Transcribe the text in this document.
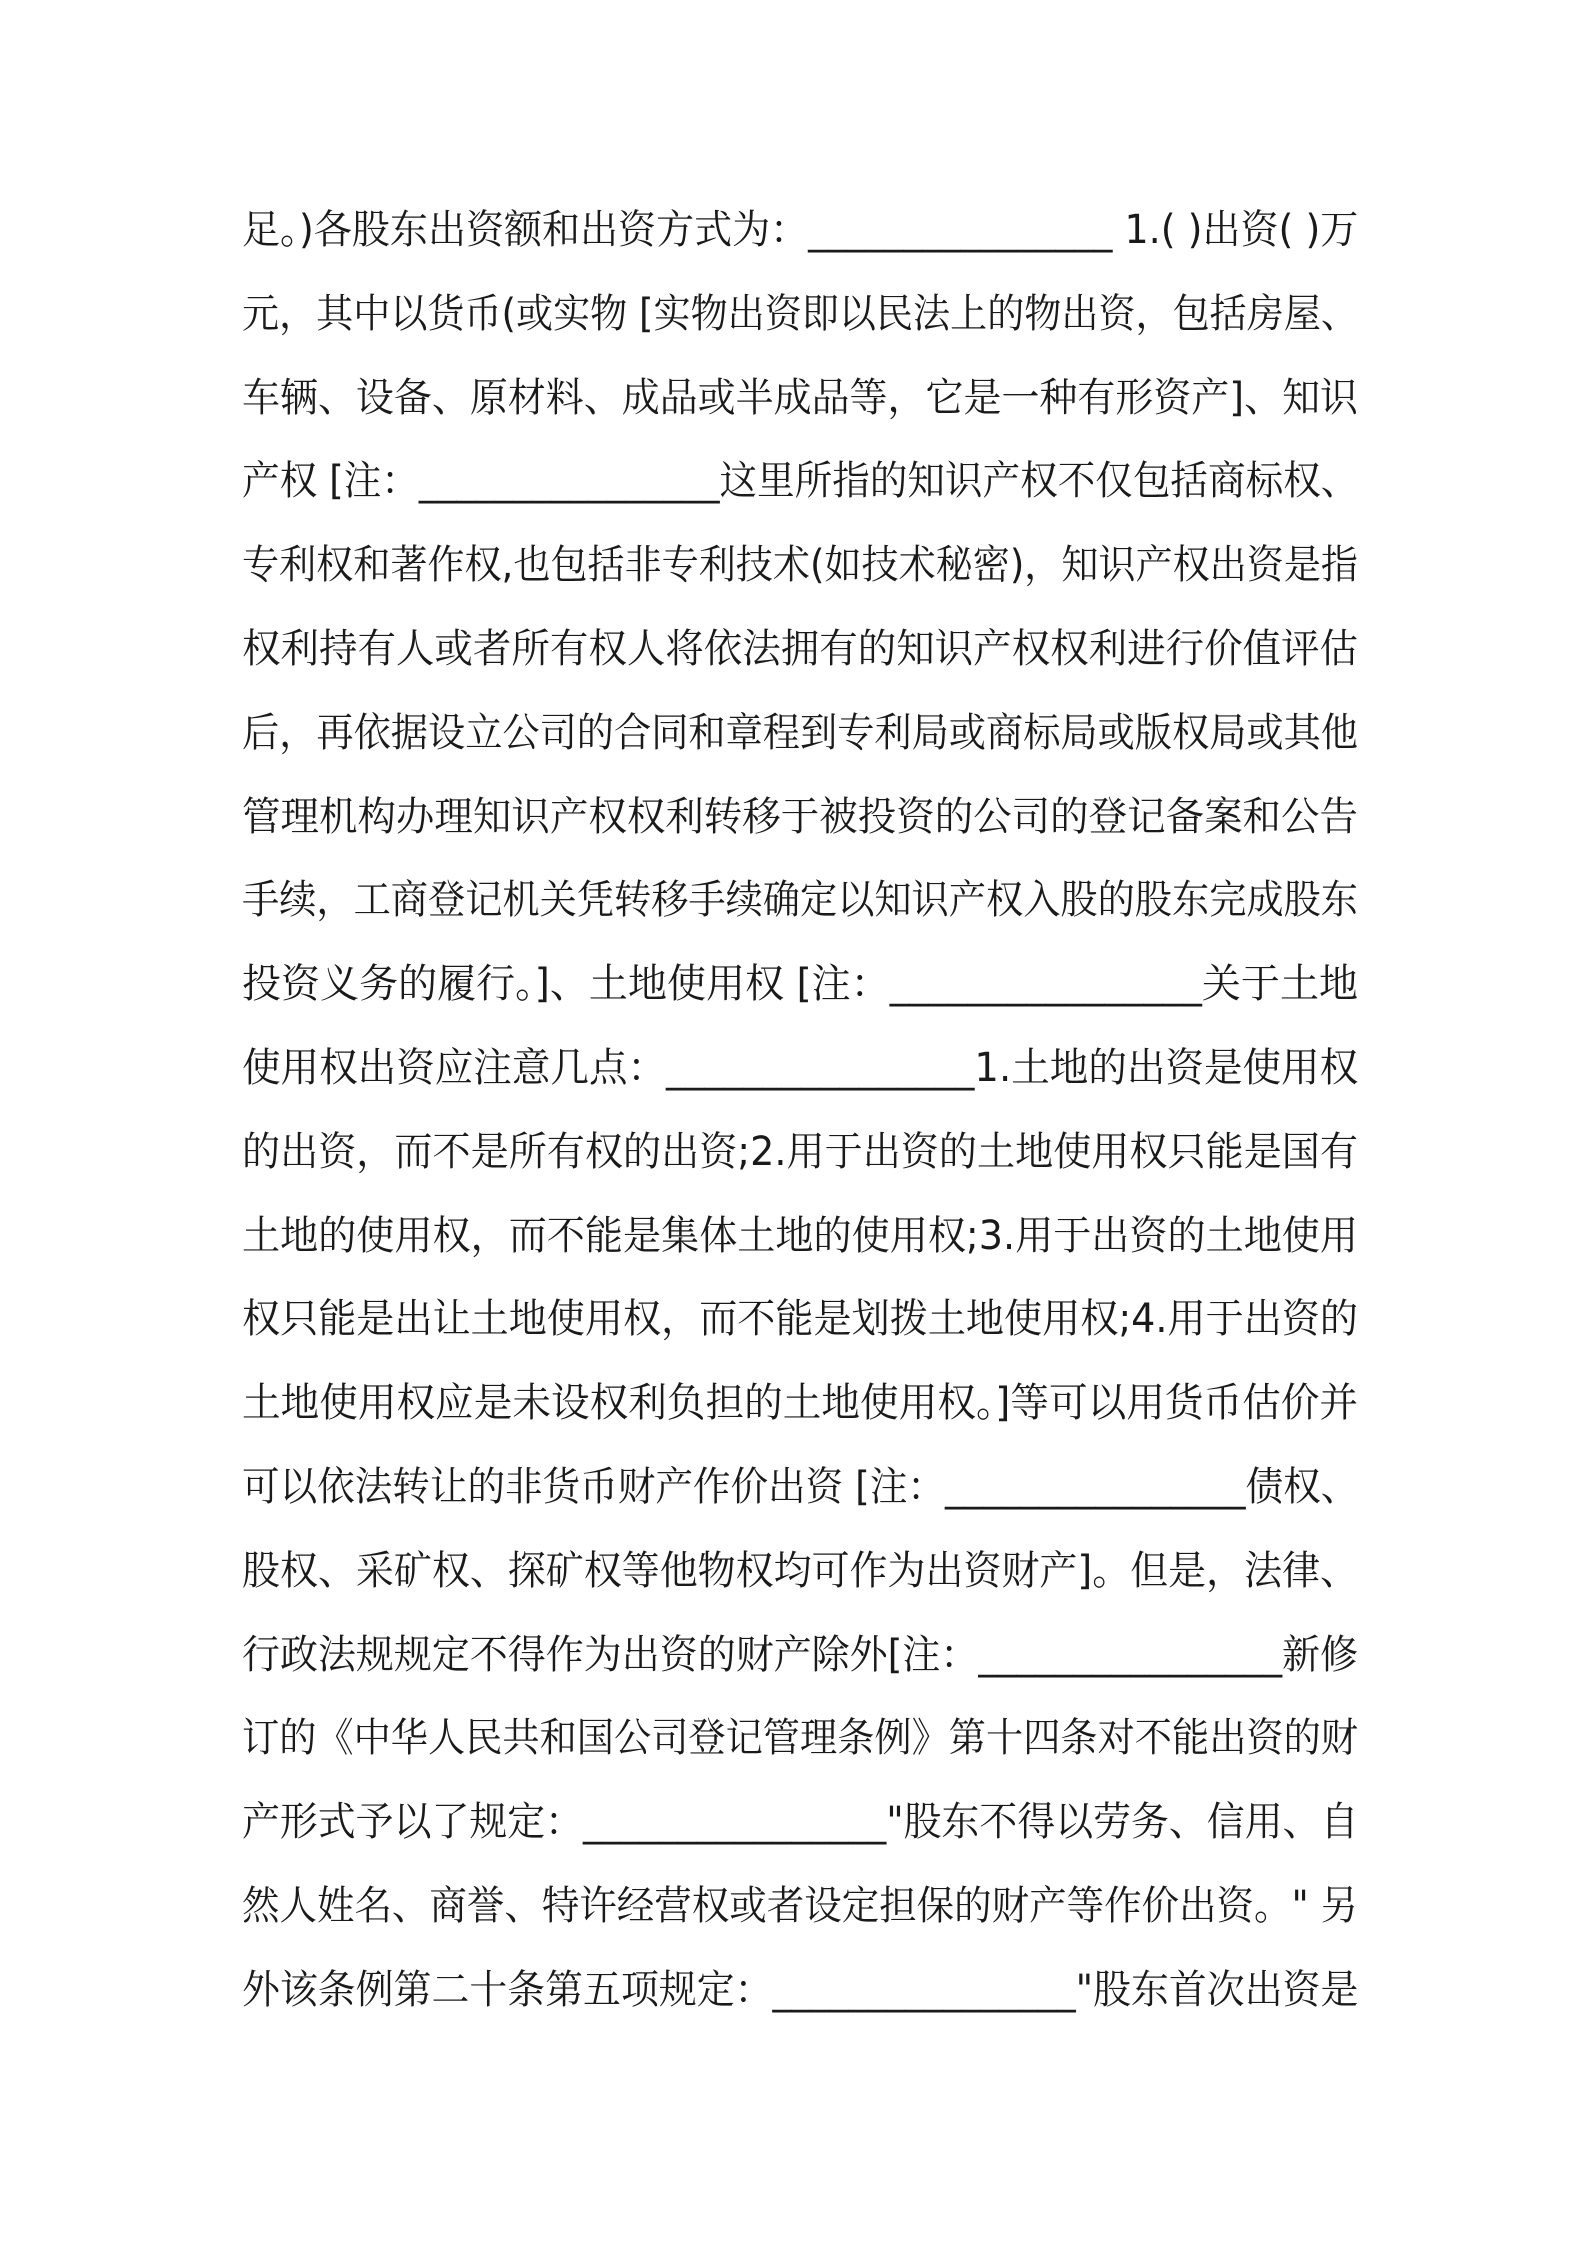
足。)各股东出资额和出资方式为：________________ 1.( )出资( )万
元，其中以货币(或实物 [实物出资即以民法上的物出资，包括房屋、
车辆、设备、原材料、成品或半成品等，它是一种有形资产]、知识
产权 [注：________________这里所指的知识产权不仅包括商标权、
专利权和著作权,也包括非专利技术(如技术秘密)，知识产权出资是指
权利持有人或者所有权人将依法拥有的知识产权权利进行价值评估
后，再依据设立公司的合同和章程到专利局或商标局或版权局或其他
管理机构办理知识产权权利转移于被投资的公司的登记备案和公告
手续，工商登记机关凭转移手续确定以知识产权入股的股东完成股东
投资义务的履行。]、土地使用权 [注：________________关于土地
使用权出资应注意几点：________________1.土地的出资是使用权
的出资，而不是所有权的出资;2.用于出资的土地使用权只能是国有
土地的使用权，而不能是集体土地的使用权;3.用于出资的土地使用
权只能是出让土地使用权，而不能是划拨土地使用权;4.用于出资的
土地使用权应是未设权利负担的土地使用权。]等可以用货币估价并
可以依法转让的非货币财产作价出资 [注：________________债权、
股权、采矿权、探矿权等他物权均可作为出资财产]。但是，法律、
行政法规规定不得作为出资的财产除外[注：________________新修
订的《中华人民共和国公司登记管理条例》第十四条对不能出资的财
产形式予以了规定：________________"股东不得以劳务、信用、自
然人姓名、商誉、特许经营权或者设定担保的财产等作价出资。" 另
外该条例第二十条第五项规定：________________"股东首次出资是
